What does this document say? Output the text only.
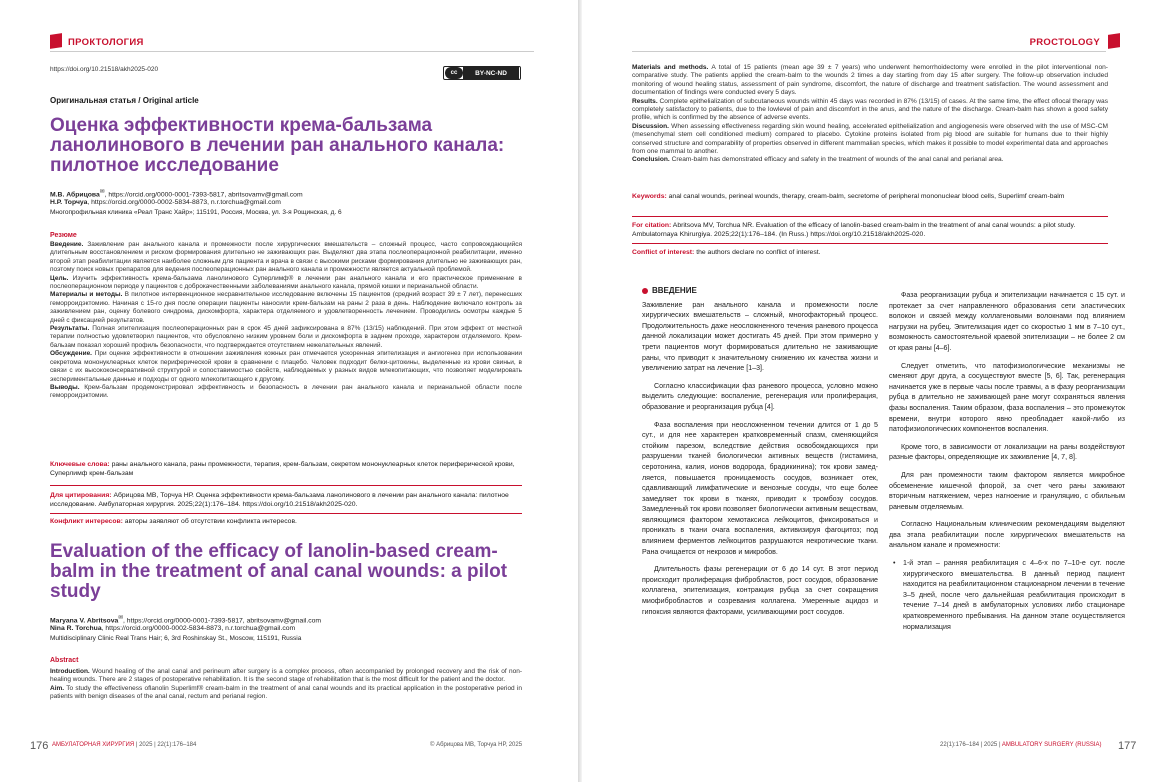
ПРОКТОЛОГИЯ
https://doi.org/10.21518/akh2025-020	cc	BY-NC-ND
Оригинальная статья / Original article
Оценка эффективности крема-бальзама ланолинового в лечении ран анального канала: пилотное исследование
М.В. Абрицова✉, https://orcid.org/0000-0001-7393-5817, abritsovamv@gmail.com
Н.Р. Торчуа, https://orcid.org/0000-0002-5834-8873, n.r.torchua@gmail.com
Многопрофильная клиника «Реал Транс Хайр»; 115191, Россия, Москва, ул. 3-я Рощинская, д. 6
Резюме

Введение. Заживление ран анального канала и промежности после хирургических вмешательств – сложный процесс, часто сопровождающийся длительным восстановлением и риском формирования длительно не заживающих ран. Выделяют два этапа послеоперационной реабилитации, именно второй этап реабилитации является наиболее сложным для пациента и врача в связи с высокими рисками формирования длительно не заживающих ран, поэтому поиск новых препаратов для ведения послеоперационных ран анального канала и промежности является актуальной проблемой.

Цель. Изучить эффективность крема-бальзама ланолинового Суперлимф® в лечении ран анального канала и его практическое применение в послеоперационном периоде у пациентов с доброкачественными заболеваниями анального канала, прямой кишки и перианальной области.

Материалы и методы. В пилотное интервенционное несравнительное исследование включены 15 пациентов (средний возраст 39 ± 7 лет), перенесших геморроидэктомию. Начиная с 15-го дня после операции пациенты наносили крем-бальзам на раны 2 раза в день. Наблюдение включало контроль за заживлением ран, оценку болевого синдрома, дискомфорта, характера отделяемого и удовлетворенность лечением. Проводились осмотры каждые 5 дней с фиксацией результатов.

Результаты. Полная эпителизация послеоперационных ран в срок 45 дней зафиксирована в 87% (13/15) наблюдений. При этом эффект от местной терапии полностью удовлетворил пациентов, что обусловлено низким уровнем боли и дискомфорта в заднем проходе, характером отделяемого. Крем-бальзам показал хороший профиль безопасности, что подтверждается отсутствием нежелательных явлений.

Обсуждение. При оценке эффективности в отношении заживления кожных ран отмечается ускоренная эпителизация и ангиогенез при использовании секретома мононуклеарных клеток периферической крови в сравнении с плацебо. Человек подходит белки-цитокины, выделенные из крови свиньи, в связи с их высококонсервативной структурой и сопоставимостью свойств, наблюдаемых у разных видов млекопитающих, что позволяет моделировать экспериментальные данные и подходы от одного млекопитающего к другому.

Выводы. Крем-бальзам продемонстрировал эффективность и безопасность в лечении ран анального канала и перианальной области после геморроидэктомии.

Ключевые слова: раны анального канала, раны промежности, терапия, крем-бальзам, секретом мононуклеарных клеток периферической крови, Суперлимф крем-бальзам
Для цитирования: Абрицова МВ, Торчуа НР. Оценка эффективности крема-бальзама ланолинового в лечении ран анального канала: пилотное исследование. Амбулаторная хирургия. 2025;22(1):176–184. https://doi.org/10.21518/akh2025-020.
Конфликт интересов: авторы заявляют об отсутствии конфликта интересов.
Evaluation of the efficacy of lanolin-based cream-balm in the treatment of anal canal wounds: a pilot study
Maryana V. Abritsova✉, https://orcid.org/0000-0001-7393-5817, abritsovamv@gmail.com
Nina R. Torchua, https://orcid.org/0000-0002-5834-8873, n.r.torchua@gmail.com
Multidisciplinary Clinic Real Trans Hair; 6, 3rd Roshinskay St., Moscow, 115191, Russia
Abstract

Introduction. Wound healing of the anal canal and perineum after surgery is a complex process, often accompanied by prolonged recovery and the risk of non-healing wounds. There are 2 stages of postoperative rehabilitation. It is the second stage of rehabilitation that is the most difficult for the patient and the doctor.

Aim. To study the effectiveness oflanolin Superlimf® cream-balm in the treatment of anal canal wounds and its practical application in the postoperative period in patients with benign diseases of the anal canal, rectum and perianal region.

176 АМБУЛАТОРНАЯ ХИРУРГИЯ | 2025 | 22(1):176–184	© Абрицова МВ, Торчуа НР, 2025
PROCTOLOGY

Materials and methods. A total of 15 patients (mean age 39 ± 7 years) who underwent hemorrhoidectomy were enrolled in the pilot interventional non-comparative study. The patients applied the cream-balm to the wounds 2 times a day starting from day 15 after surgery. The follow-up observation included monitoring of wound healing status, assessment of pain syndrome, discomfort, the nature of discharge and treatment satisfaction. The wound assessment and documentation of findings were conducted every 5 days.

Results. Complete epithelialization of subcutaneous wounds within 45 days was recorded in 87% (13/15) of cases. At the same time, the effect oflocal therapy was completely satisfactory to patients, due to the lowlevel of pain and discomfort in the anus, and the nature of the discharge. Cream-balm has shown a good safety profile, which is confirmed by the absence of adverse events.

Discussion. When assessing effectiveness regarding skin wound healing, accelerated epithelialization and angiogenesis were observed with the use of MSC-CM (mesenchymal stem cell conditioned medium) compared to placebo. Cytokine proteins isolated from pig blood are suitable for humans due to their highly conserved structure and comparability of properties observed in different mammalian species, which makes it possible to model experimental data and approaches from one mammal to another.

Conclusion. Cream-balm has demonstrated efficacy and safety in the treatment of wounds of the anal canal and perianal area.

Keywords: anal canal wounds, perineal wounds, therapy, cream-balm, secretome of peripheral mononuclear blood cells, Superlimf cream-balm
For citation: Abritsova MV, Torchua NR. Evaluation of the efficacy of lanolin-based cream-balm in the treatment of anal canal wounds: a pilot study. Ambulatornaya Khirurgiya. 2025;22(1):176–184. (In Russ.) https://doi.org/10.21518/akh2025-020.
Conflict of interest: the authors declare no conflict of interest.
ВВЕДЕНИЕ

Заживление ран анального канала и промежности после хирургических вмешательств – сложный, многофакторный процесс. Продолжительность даже неосложненного течения раневого процесса данной локализации может достигать 45 дней. При этом примерно у трети пациентов могут формироваться длительно не заживающие раны, что приводит к значительному снижению их качества жизни и увеличению затрат на лечение [1–3].

Согласно классификации фаз раневого процесса, условно можно выделить следующие: воспаление, регенерация или пролиферация, образование и реорганизация рубца [4].

Фаза воспаления при неосложненном течении длится от 1 до 5 сут., и для нее характерен кратковременный спазм, сменяющийся стойким парезом, вследствие действия освобождающихся при разрушении тканей биологически активных веществ (гистамина, серотонина, калия, ионов водорода, брадикинина); ток крови замедляется, повышается проницаемость сосудов, возникает отек, сдавливающий лимфатические и венозные сосуды, что еще более замедляет ток крови в тканях, приводит к тромбозу сосудов. Замедленный ток крови позволяет биологически активным веществам, являющимся фактором хемотаксиса лейкоцитов, фиксироваться и проникать в ткани очага воспаления, активизируя фагоцитоз; под влиянием ферментов лейкоцитов разрушаются некротические ткани. Рана очищается от некрозов и микробов.

Длительность фазы регенерации от 6 до 14 сут. В этот период происходит пролиферация фибробластов, рост сосудов, образование коллагена, эпителизация, контракция рубца за счет сокращения миофибробластов и созревания коллагена. Умеренные ацидоз и гипоксия являются факторами, усиливающими рост сосудов.

Фаза реорганизации рубца и эпителизации начинается с 15 сут. и протекает за счет направленного образования сети эластических волокон и связей между коллагеновыми волокнами под влиянием нагрузки на рубец. Эпителизация идет со скоростью 1 мм в 7–10 сут., возможность самостоятельной краевой эпителизации – не более 2 см от края раны [4–6].

Следует отметить, что патофизиологические механизмы не сменяют друг друга, а сосуществуют вместе [5, 6]. Так, регенерация начинается уже в первые часы после травмы, а в фазу реорганизации рубца в длительно не заживающей ране могут сохраняться явления фазы воспаления. Таким образом, фаза воспаления – это промежуток времени, внутри которого явно преобладает какой-либо из патофизиологических компонентов воспаления.

Кроме того, в зависимости от локализации на раны воздействуют разные факторы, определяющие их заживление [4, 7, 8].

Для ран промежности таким фактором является микробное обсеменение кишечной флорой, за счет чего раны заживают вторичным натяжением, через нагноение и грануляцию, с обильным раневым отделяемым.

Согласно Национальным клиническим рекомендациям выделяют два этапа реабилитации после хирургических вмешательств на анальном канале и промежности:

• 1-й этап – ранняя реабилитация с 4–6-х по 7–10-е сут. после хирургического вмешательства. В данный период пациент находится на реабилитационном стационарном лечении в течение 3–5 дней, после чего дальнейшая реабилитация происходит в течение 7–14 дней в амбулаторных условиях либо стационаре кратковременного пребывания. На данном этапе осуществляется нормализация
22(1):176–184 | 2025 | AMBULATORY SURGERY (RUSSIA) 177
